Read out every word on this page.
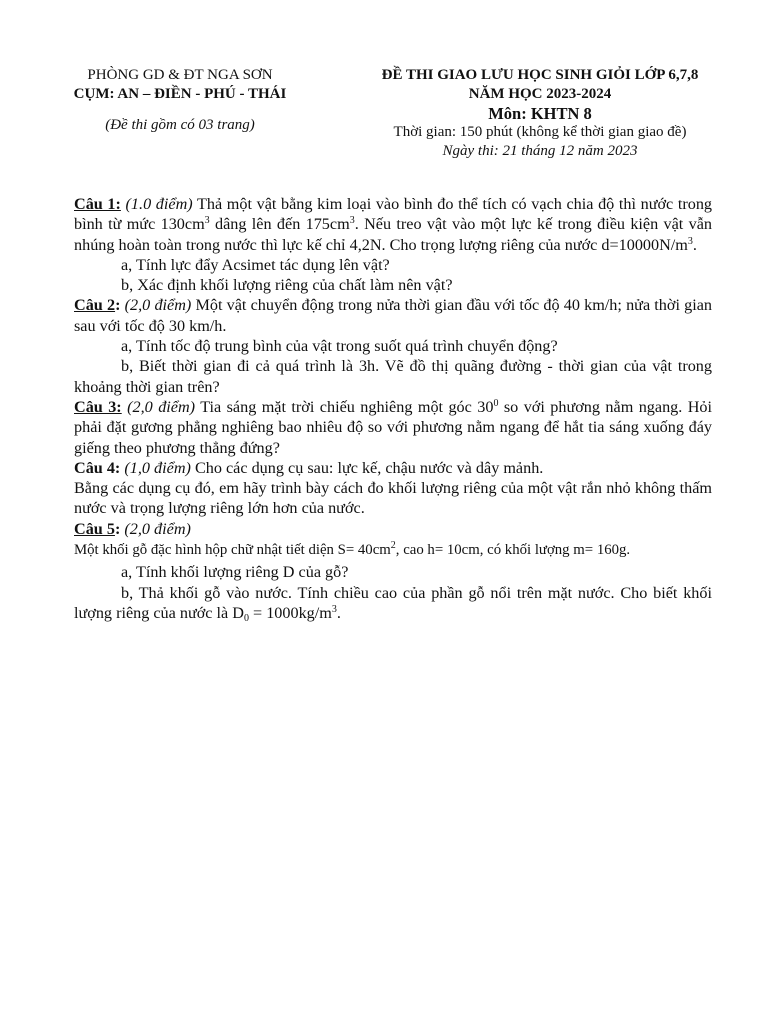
PHÒNG GD & ĐT NGA SƠN
CỤM: AN – ĐIỀN - PHÚ - THÁI
(Đề thi gồm có 03 trang)
ĐỀ THI GIAO LƯU HỌC SINH GIỎI LỚP 6,7,8
NĂM HỌC 2023-2024
Môn: KHTN 8
Thời gian: 150 phút (không kể thời gian giao đề)
Ngày thi: 21 tháng 12 năm 2023

Câu 1: (1.0 điểm) Thả một vật bằng kim loại vào bình đo thể tích có vạch chia độ thì nước trong bình từ mức $130cm^3$ dâng lên đến $175cm^3$. Nếu treo vật vào một lực kế trong điều kiện vật vẫn nhúng hoàn toàn trong nước thì lực kế chỉ 4,2N. Cho trọng lượng riêng của nước $d=10000N/m^3$.

a, Tính lực đẩy Acsimet tác dụng lên vật?

b, Xác định khối lượng riêng của chất làm nên vật?

Câu 2: (2,0 điểm) Một vật chuyển động trong nửa thời gian đầu với tốc độ 40 km/h; nửa thời gian sau với tốc độ 30 km/h.

a, Tính tốc độ trung bình của vật trong suốt quá trình chuyển động?

b, Biết thời gian đi cả quá trình là 3h. Vẽ đồ thị quãng đường - thời gian của vật trong khoảng thời gian trên?

Câu 3: (2,0 điểm) Tia sáng mặt trời chiếu nghiêng một góc $30^0$ so với phương nằm ngang. Hỏi phải đặt gương phẳng nghiêng bao nhiêu độ so với phương nằm ngang để hắt tia sáng xuống đáy giếng theo phương thẳng đứng?

Câu 4: (1,0 điểm) Cho các dụng cụ sau: lực kế, chậu nước và dây mảnh.

Bằng các dụng cụ đó, em hãy trình bày cách đo khối lượng riêng của một vật rắn nhỏ không thấm nước và trọng lượng riêng lớn hơn của nước.

Câu 5: (2,0 điểm)

Một khối gỗ đặc hình hộp chữ nhật tiết diện $S= 40cm^2$, cao h= 10cm, có khối lượng m= 160g.

a, Tính khối lượng riêng D của gỗ?

b, Thả khối gỗ vào nước. Tính chiều cao của phần gỗ nổi trên mặt nước. Cho biết khối lượng riêng của nước là $D_0 = 1000kg/m^3$.
